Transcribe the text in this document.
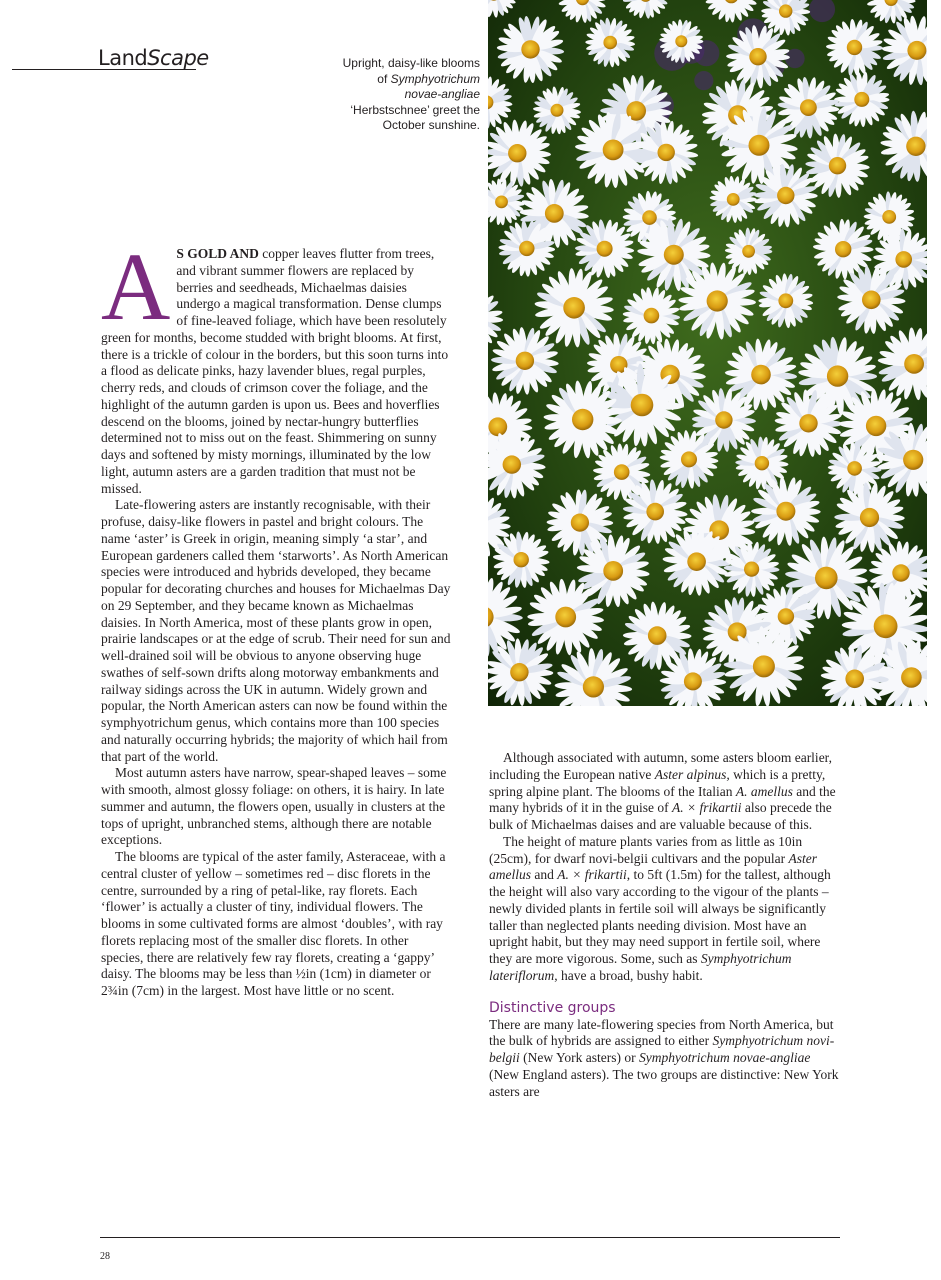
LandScape	Upright, daisy-like blooms
of Symphyotrichum
novae-angliae
‘Herbstschnee’ greet the
October sunshine.

A S GOLD AND copper leaves flutter from trees, and vibrant summer flowers are replaced by berries and seedheads, Michaelmas daisies undergo a magical transformation. Dense clumps of fine-leaved foliage, which have been resolutely green for months, become studded with bright blooms. At first, there is a trickle of colour in the borders, but this soon turns into a flood as delicate pinks, hazy lavender blues, regal purples, cherry reds, and clouds of crimson cover the foliage, and the highlight of the autumn garden is upon us. Bees and hoverflies descend on the blooms, joined by nectar-hungry butterflies determined not to miss out on the feast. Shimmering on sunny days and softened by misty mornings, illuminated by the low light, autumn asters are a garden tradition that must not be missed.

Late-flowering asters are instantly recognisable, with their profuse, daisy-like flowers in pastel and bright colours. The name ‘aster’ is Greek in origin, meaning simply ‘a star’, and European gardeners called them ‘starworts’. As North American species were introduced and hybrids developed, they became popular for decorating churches and houses for Michaelmas Day on 29 September, and they became known as Michaelmas daisies. In North America, most of these plants grow in open, prairie landscapes or at the edge of scrub. Their need for sun and well-drained soil will be obvious to anyone observing huge swathes of self-sown drifts along motorway embankments and railway sidings across the UK in autumn. Widely grown and popular, the North American asters can now be found within the symphyotrichum genus, which contains more than 100 species and naturally occurring hybrids; the majority of which hail from that part of the world.

Most autumn asters have narrow, spear-shaped leaves – some with smooth, almost glossy foliage: on others, it is hairy. In late summer and autumn, the flowers open, usually in clusters at the tops of upright, unbranched stems, although there are notable exceptions.

The blooms are typical of the aster family, Asteraceae, with a central cluster of yellow – sometimes red – disc florets in the centre, surrounded by a ring of petal-like, ray florets. Each ‘flower’ is actually a cluster of tiny, individual flowers. The blooms in some cultivated forms are almost ‘doubles’, with ray florets replacing most of the smaller disc florets. In other species, there are relatively few ray florets, creating a ‘gappy’ daisy. The blooms may be less than ½in (1cm) in diameter or 2¾in (7cm) in the largest. Most have little or no scent.

Although associated with autumn, some asters bloom earlier, including the European native Aster alpinus, which is a pretty, spring alpine plant. The blooms of the Italian A. amellus and the many hybrids of it in the guise of A. × frikartii also precede the bulk of Michaelmas daises and are valuable because of this.

The height of mature plants varies from as little as 10in (25cm), for dwarf novi-belgii cultivars and the popular Aster amellus and A. × frikartii, to 5ft (1.5m) for the tallest, although the height will also vary according to the vigour of the plants – newly divided plants in fertile soil will always be significantly taller than neglected plants needing division. Most have an upright habit, but they may need support in fertile soil, where they are more vigorous. Some, such as Symphyotrichum lateriflorum, have a broad, bushy habit.

Distinctive groups

There are many late-flowering species from North America, but the bulk of hybrids are assigned to either Symphyotrichum novi-belgii (New York asters) or Symphyotrichum novae-angliae (New England asters). The two groups are distinctive: New York asters are

28
